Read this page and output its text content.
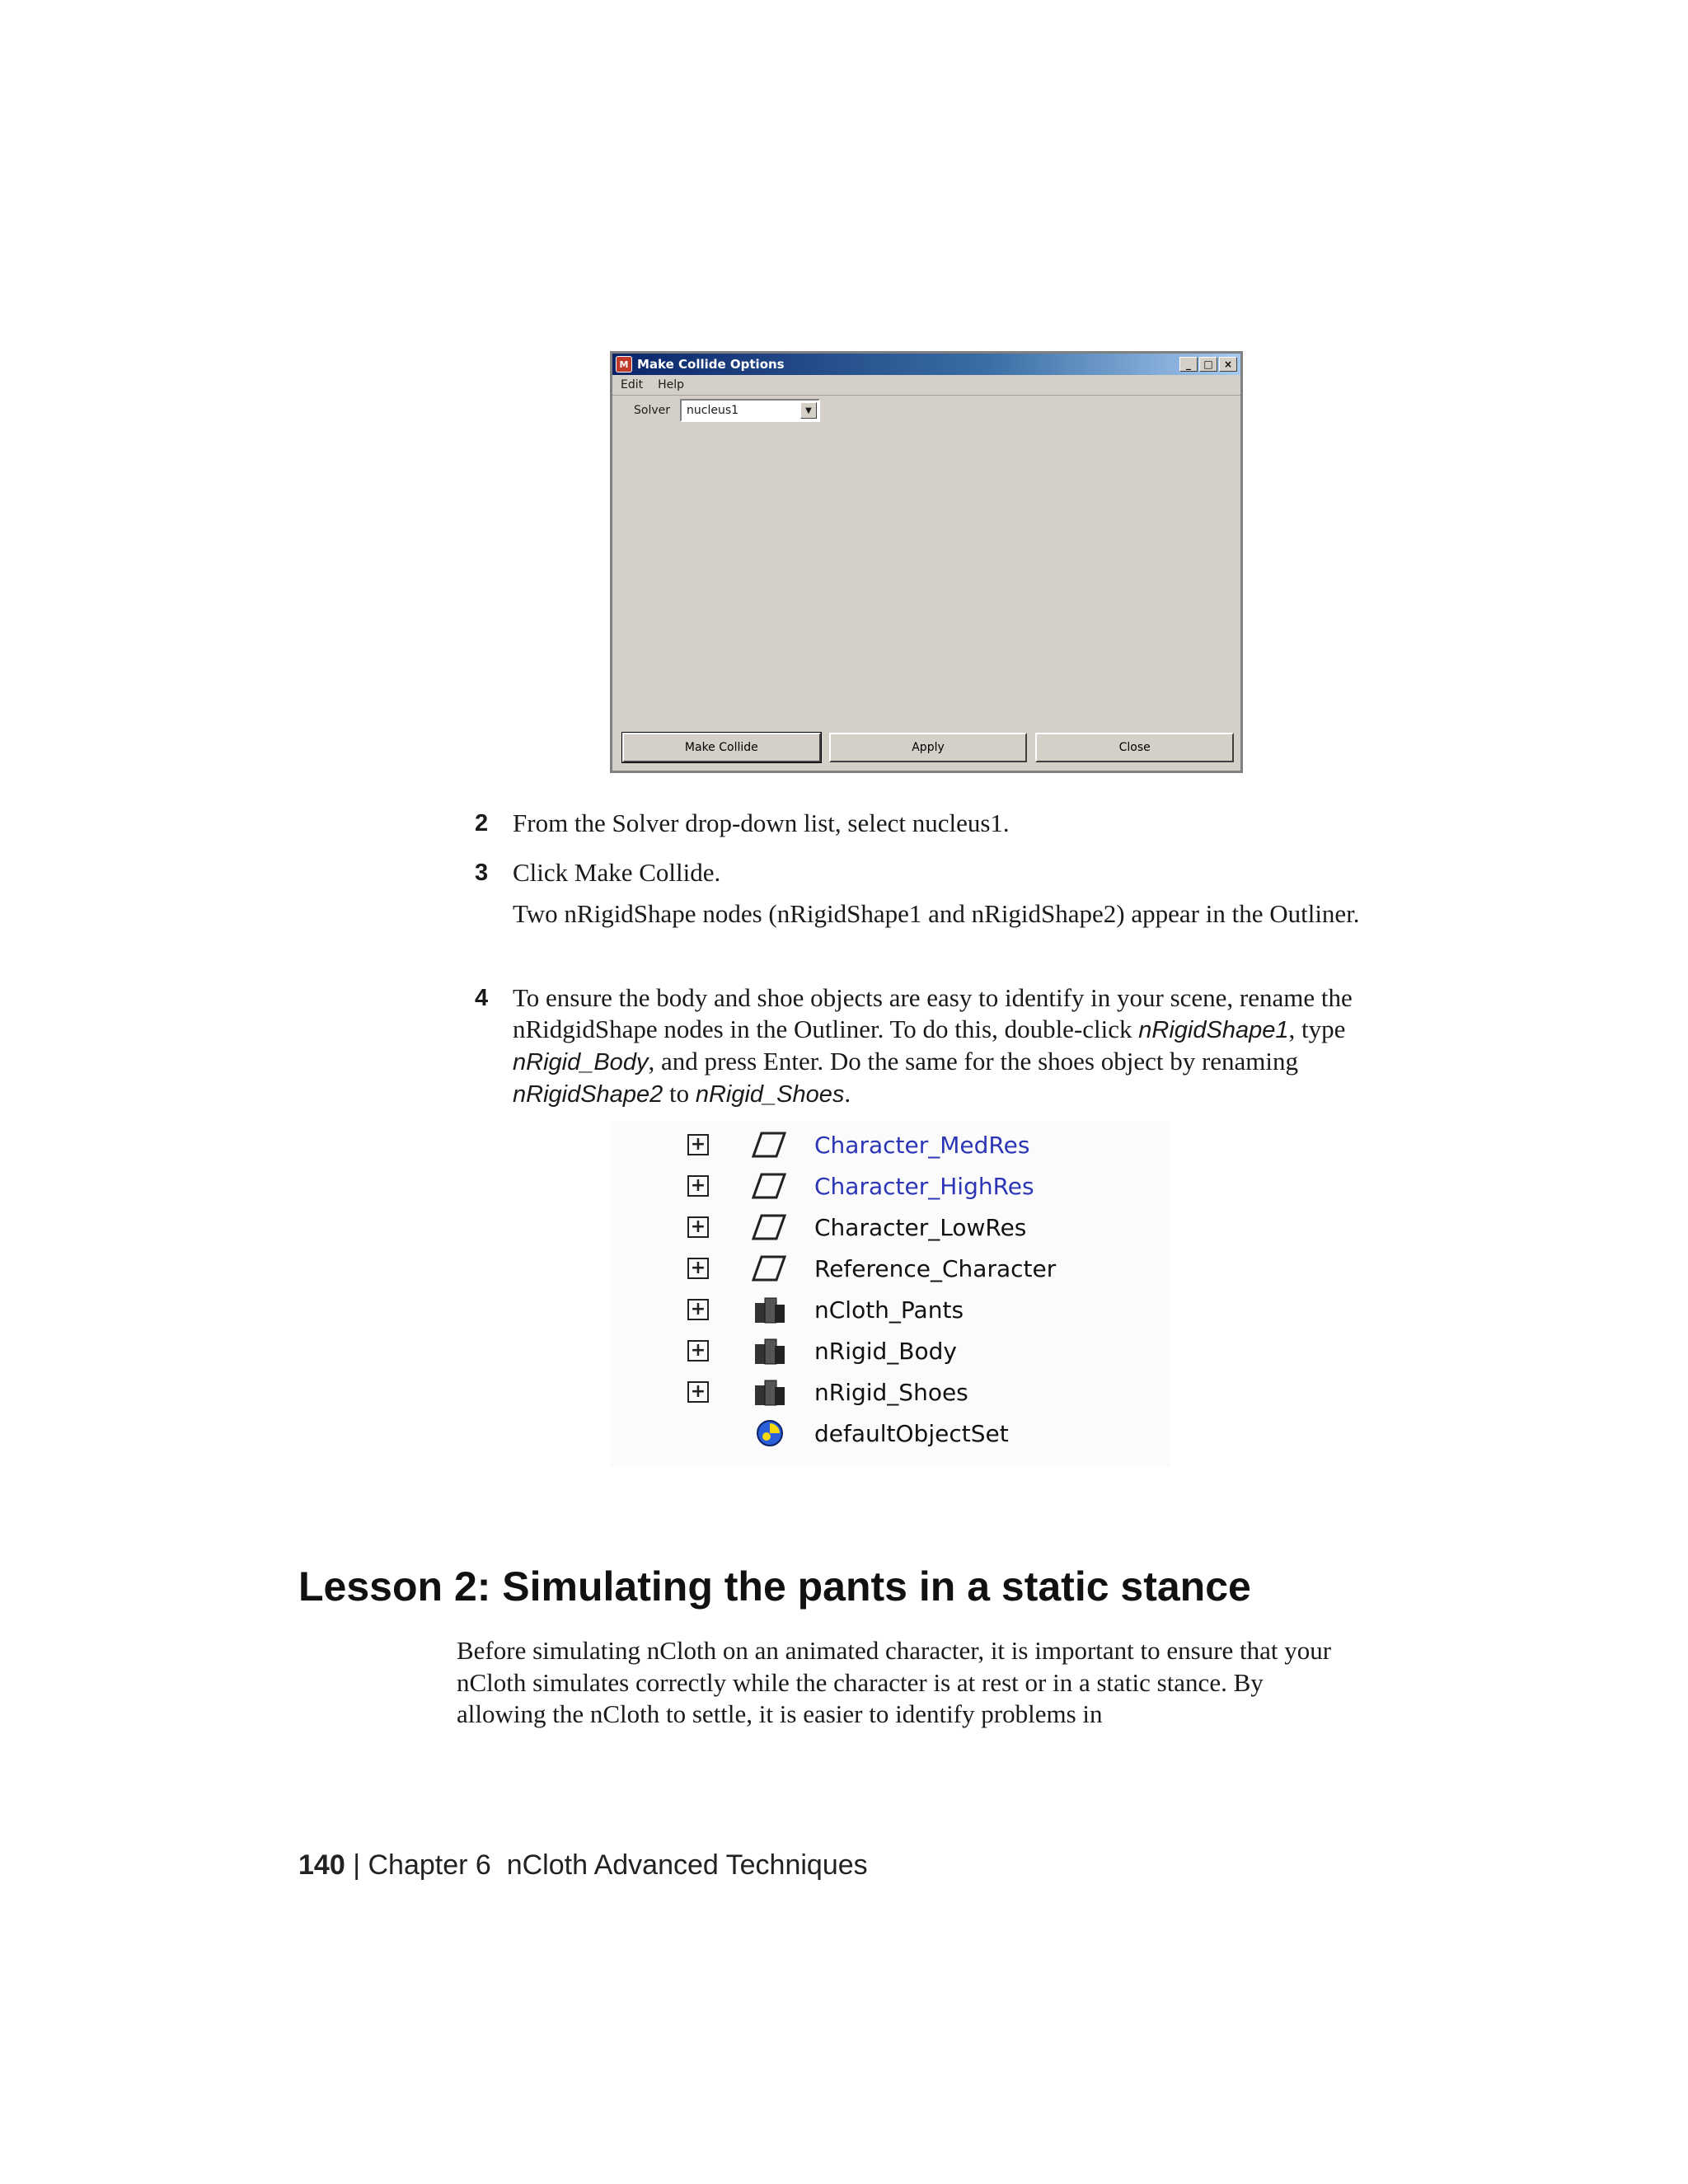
M Make Collide Options	_	□	×
Edit Help
Solver	nucleus1	▼
Make Collide	Apply	Close
2 From the Solver drop-down list, select nucleus1.
3 Click Make Collide.
Two nRigidShape nodes (nRigidShape1 and nRigidShape2) appear in the Outliner.
4 To ensure the body and shoe objects are easy to identify in your scene, rename the nRidgidShape nodes in the Outliner. To do this, double-click nRigidShape1, type nRigid_Body, and press Enter. Do the same for the shoes object by renaming nRigidShape2 to nRigid_Shoes.
+	Character_MedRes
+	Character_HighRes
+	Character_LowRes
+	Reference_Character
+	nCloth_Pants
+	nRigid_Body
+	nRigid_Shoes
defaultObjectSet
Lesson 2: Simulating the pants in a static stance
Before simulating nCloth on an animated character, it is important to ensure that your nCloth simulates correctly while the character is at rest or in a static stance. By allowing the nCloth to settle, it is easier to identify problems in
140 | Chapter 6 nCloth Advanced Techniques
